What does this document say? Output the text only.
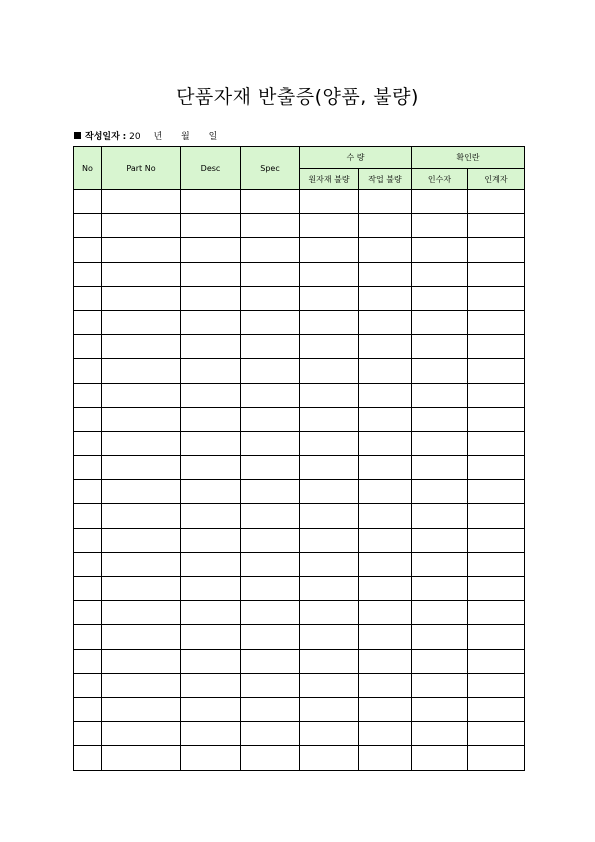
단품자재 반출증(양품, 불량)
작성일자 : 20 년 월 일
No	Part No	Desc	Spec	수 량		확인란	
				원자재 불량	작업 불량	인수자	인계자
